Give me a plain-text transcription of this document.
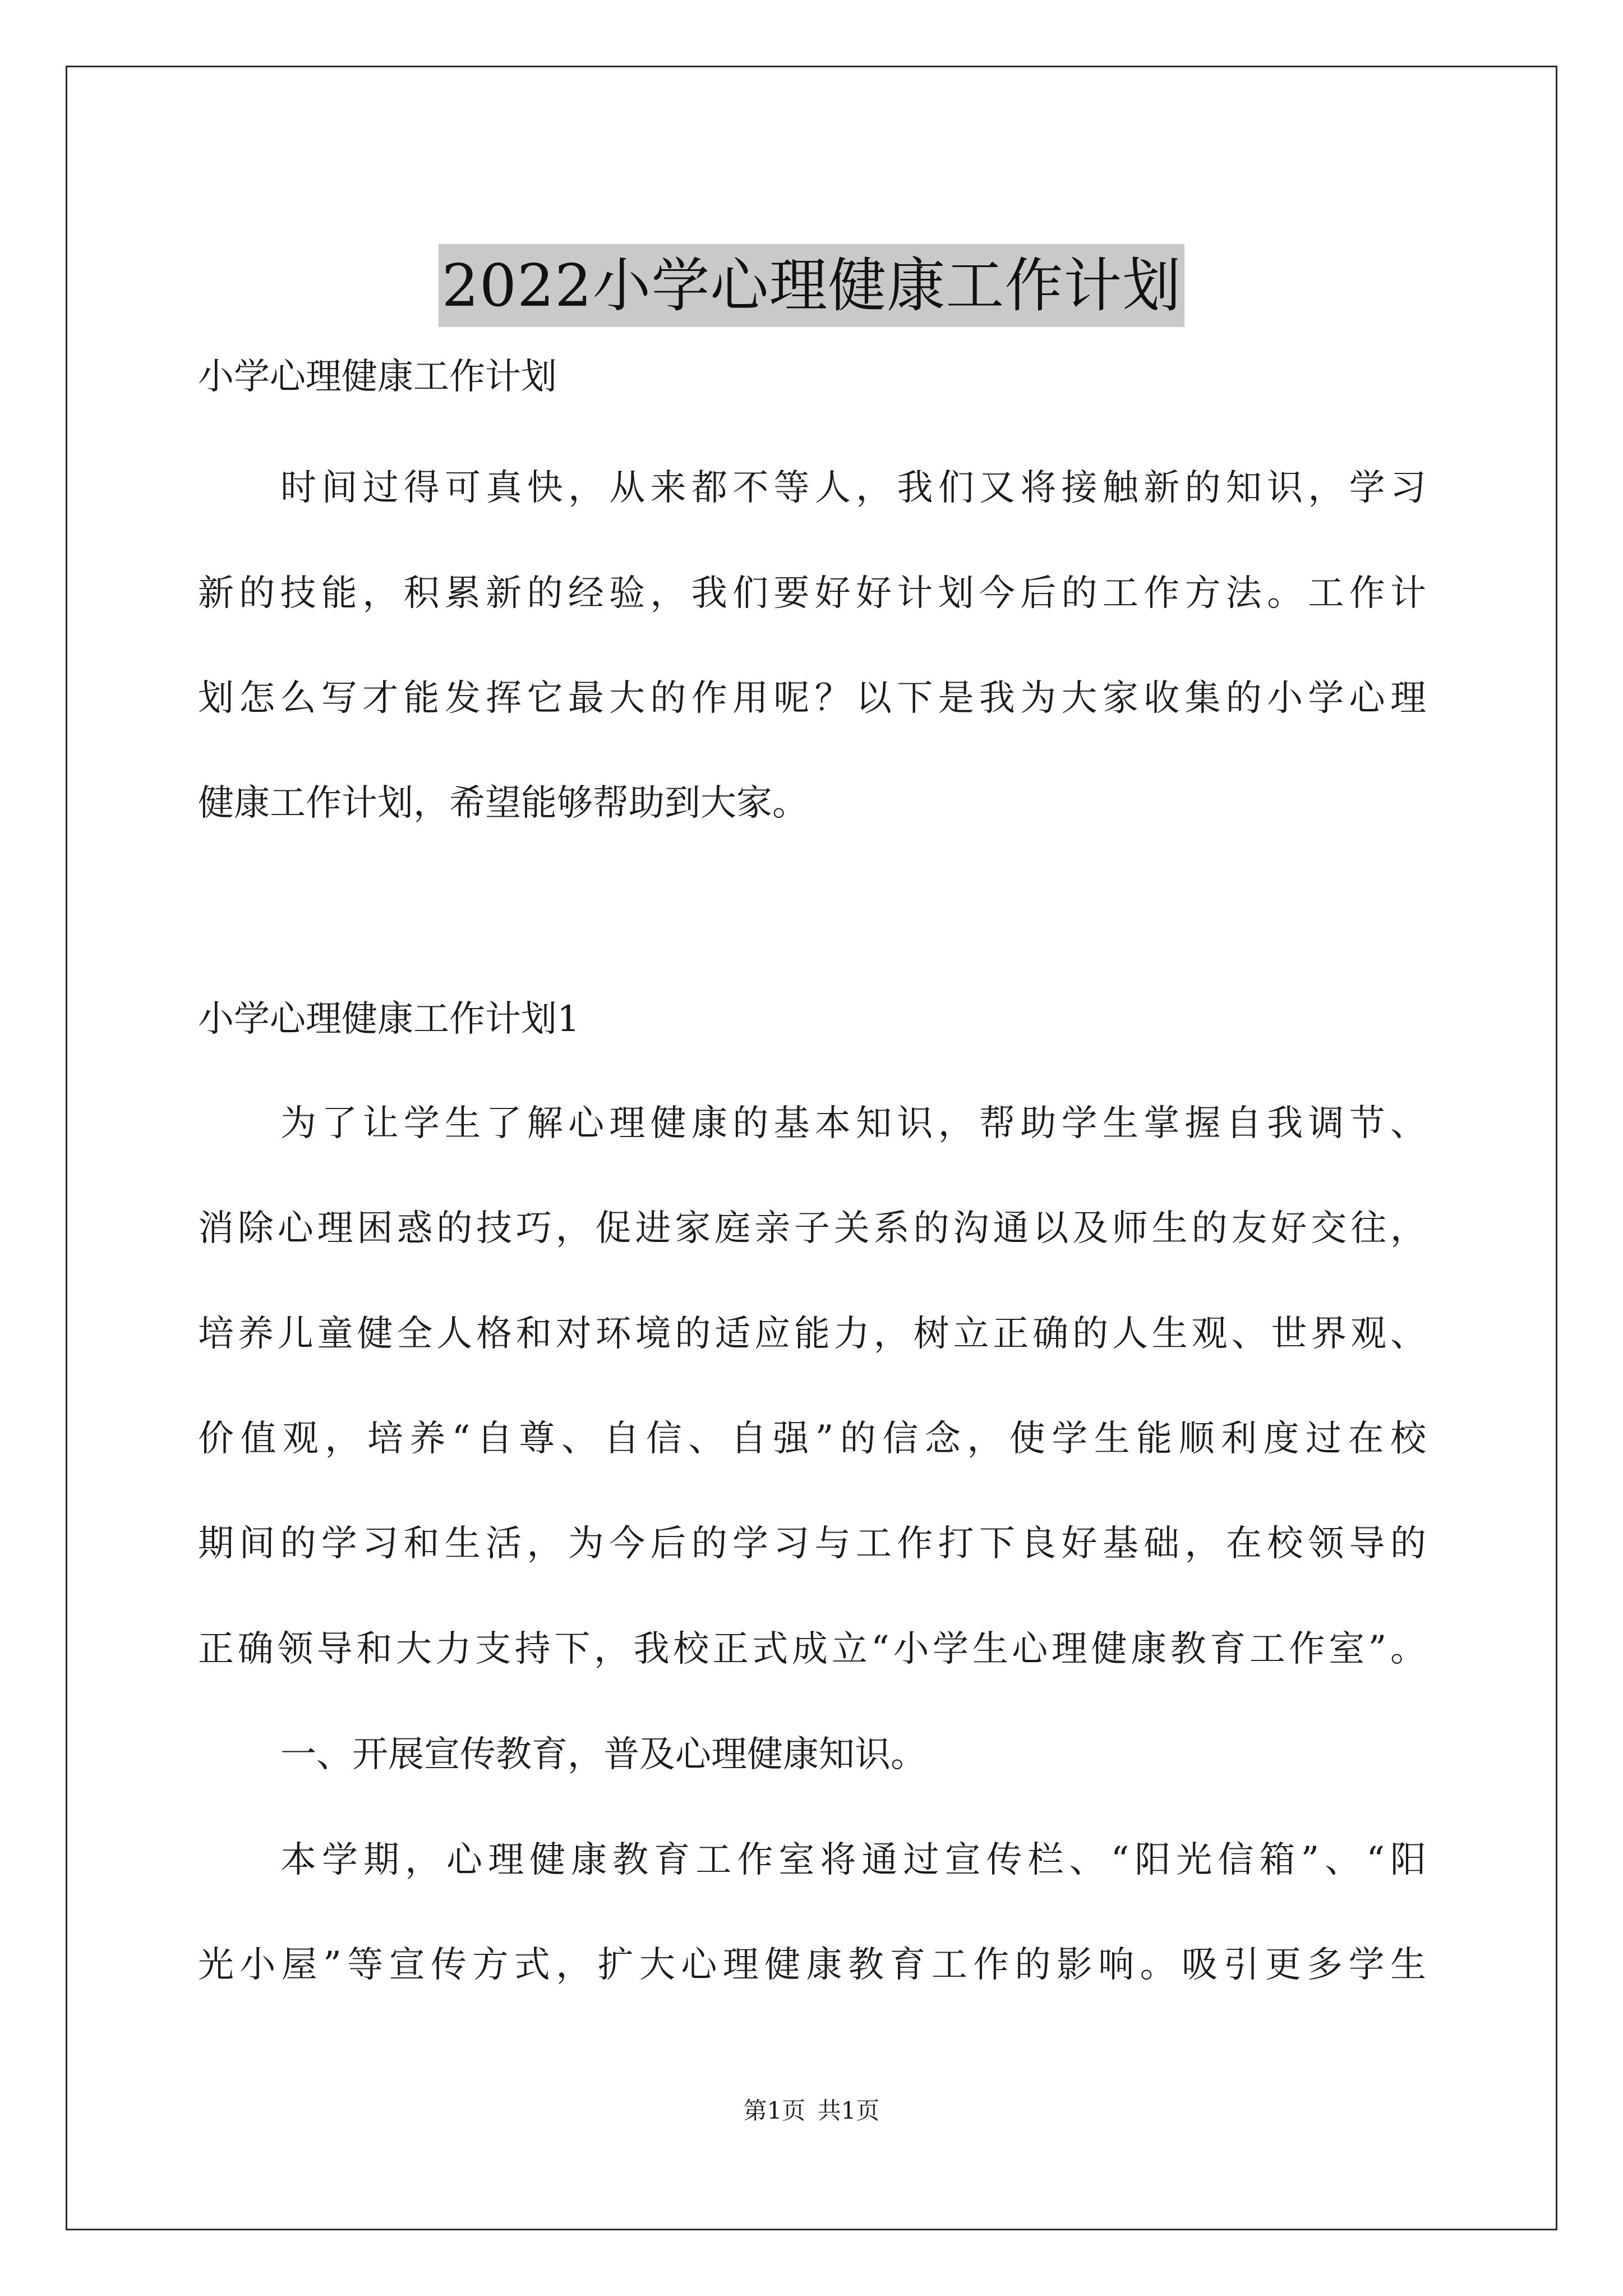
2022小学心理健康工作计划
小学心理健康工作计划
时间过得可真快，从来都不等人，我们又将接触新的知识，学习
新的技能，积累新的经验，我们要好好计划今后的工作方法。工作计
划怎么写才能发挥它最大的作用呢？以下是我为大家收集的小学心理
健康工作计划，希望能够帮助到大家。
小学心理健康工作计划1
为了让学生了解心理健康的基本知识，帮助学生掌握自我调节、
消除心理困惑的技巧，促进家庭亲子关系的沟通以及师生的友好交往，
培养儿童健全人格和对环境的适应能力，树立正确的人生观、世界观、
价值观，培养“自尊、自信、自强”的信念，使学生能顺利度过在校
期间的学习和生活，为今后的学习与工作打下良好基础，在校领导的
正确领导和大力支持下，我校正式成立“小学生心理健康教育工作室”。
一、开展宣传教育，普及心理健康知识。
本学期，心理健康教育工作室将通过宣传栏、“阳光信箱”、“阳
光小屋”等宣传方式，扩大心理健康教育工作的影响。吸引更多学生
第1页 共1页
